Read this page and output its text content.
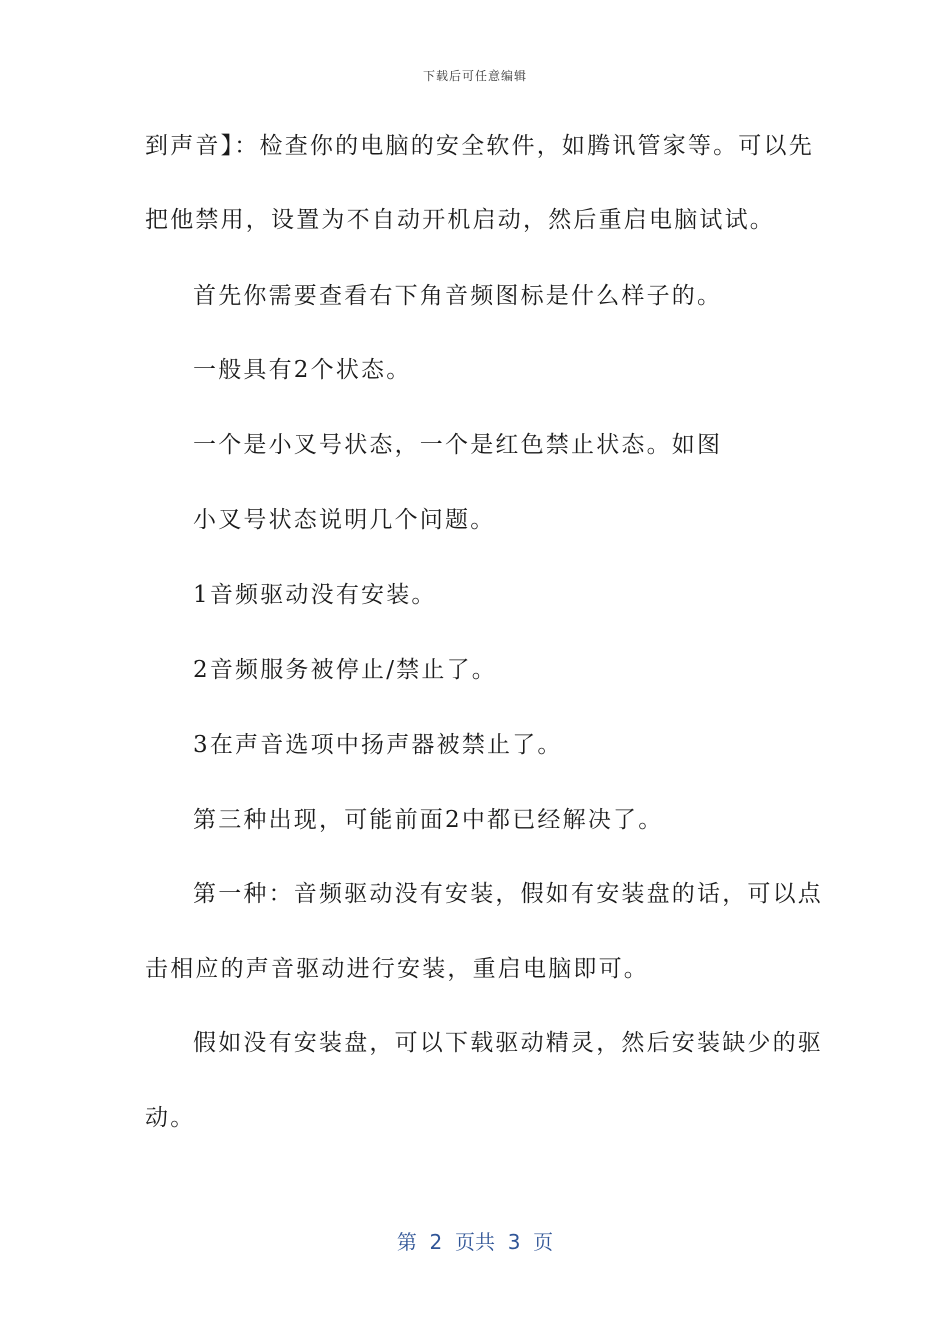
下载后可任意编辑
到声音】：检查你的电脑的安全软件，如腾讯管家等。可以先
把他禁用，设置为不自动开机启动，然后重启电脑试试。
首先你需要查看右下角音频图标是什么样子的。
一般具有2个状态。
一个是小叉号状态，一个是红色禁止状态。如图
小叉号状态说明几个问题。
1音频驱动没有安装。
2音频服务被停止/禁止了。
3在声音选项中扬声器被禁止了。
第三种出现，可能前面2中都已经解决了。
第一种：音频驱动没有安装，假如有安装盘的话，可以点
击相应的声音驱动进行安装，重启电脑即可。
假如没有安装盘，可以下载驱动精灵，然后安装缺少的驱
动。
第  2  页共  3  页
